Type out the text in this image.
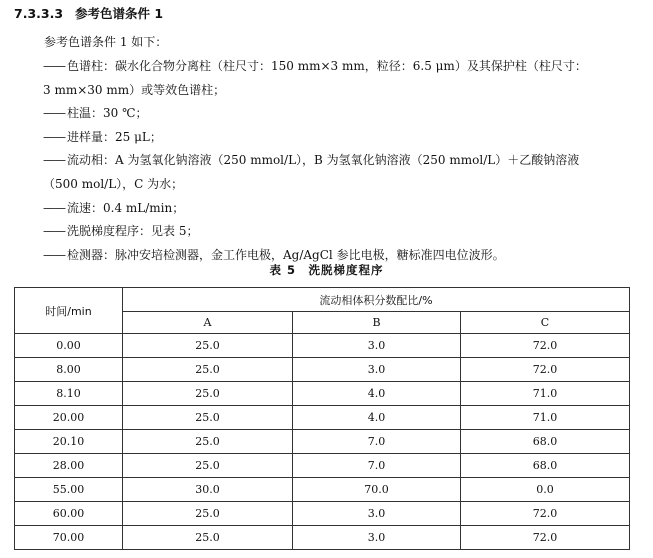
7.3.3.3 参考色谱条件 1
参考色谱条件 1 如下：
—— 色谱柱：碳水化合物分离柱（柱尺寸：150 mm×3 mm，粒径：6.5 μm）及其保护柱（柱尺寸：
3 mm×30 mm）或等效色谱柱；
—— 柱温：30 ℃；
—— 进样量：25 μL；
—— 流动相：A 为氢氧化钠溶液（250 mmol/L），B 为氢氧化钠溶液（250 mmol/L）＋乙酸钠溶液
（500 mol/L），C 为水；
—— 流速：0.4 mL/min；
—— 洗脱梯度程序：见表 5；
—— 检测器：脉冲安培检测器，金工作电极，Ag/AgCl 参比电极，糖标准四电位波形。
表 5　洗脱梯度程序
时间/min	流动相体积分数配比/%		
	A	B	C
0.00	25.0	3.0	72.0
8.00	25.0	3.0	72.0
8.10	25.0	4.0	71.0
20.00	25.0	4.0	71.0
20.10	25.0	7.0	68.0
28.00	25.0	7.0	68.0
55.00	30.0	70.0	0.0
60.00	25.0	3.0	72.0
70.00	25.0	3.0	72.0
